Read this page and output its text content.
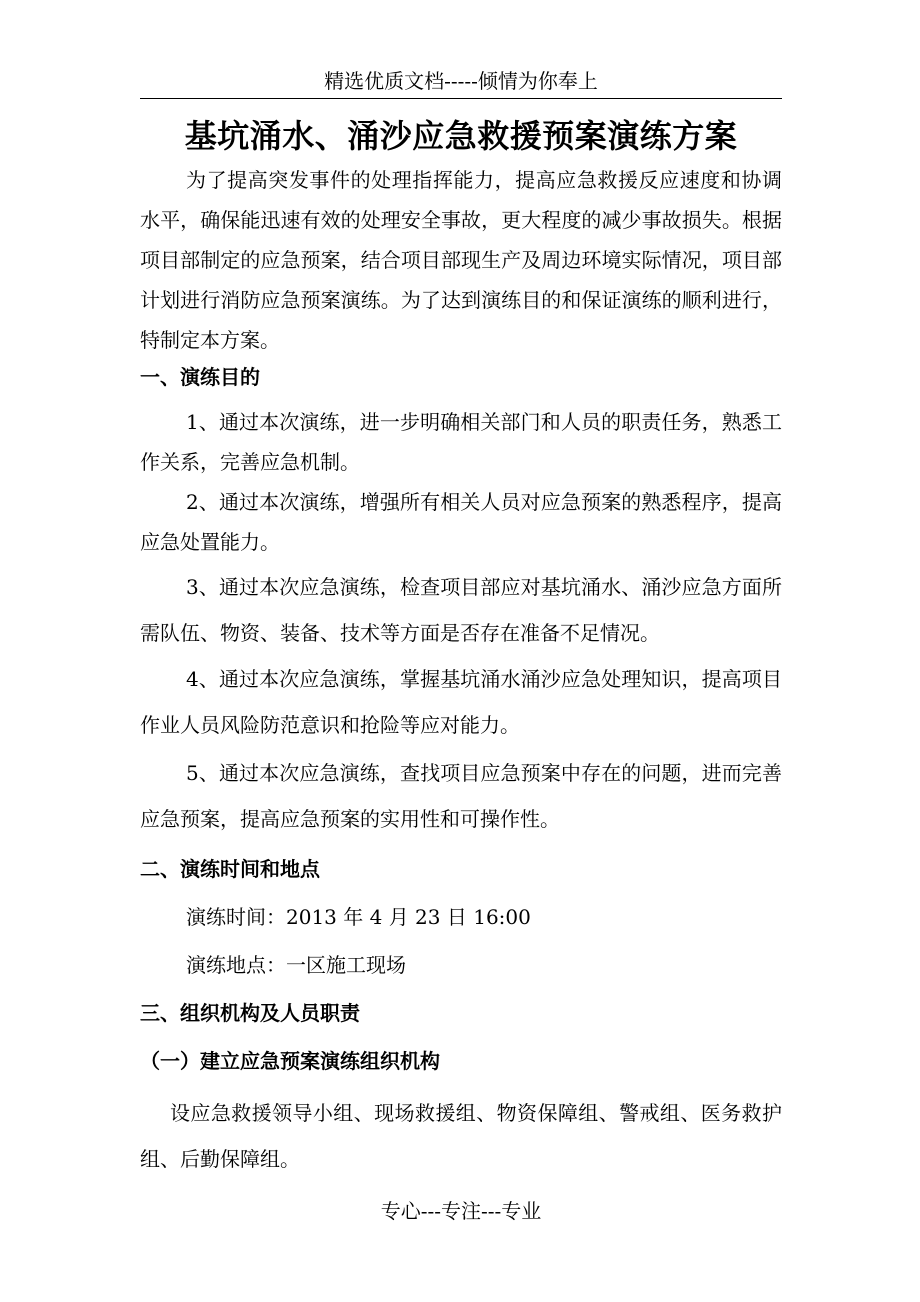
精选优质文档-----倾情为你奉上
基坑涌水、涌沙应急救援预案演练方案
为了提高突发事件的处理指挥能力，提高应急救援反应速度和协调水平，确保能迅速有效的处理安全事故，更大程度的减少事故损失。根据项目部制定的应急预案，结合项目部现生产及周边环境实际情况，项目部计划进行消防应急预案演练。为了达到演练目的和保证演练的顺利进行，特制定本方案。
一、演练目的
1、通过本次演练，进一步明确相关部门和人员的职责任务，熟悉工作关系，完善应急机制。
2、通过本次演练，增强所有相关人员对应急预案的熟悉程序，提高应急处置能力。
3、通过本次应急演练，检查项目部应对基坑涌水、涌沙应急方面所需队伍、物资、装备、技术等方面是否存在准备不足情况。
4、通过本次应急演练，掌握基坑涌水涌沙应急处理知识，提高项目作业人员风险防范意识和抢险等应对能力。
5、通过本次应急演练，查找项目应急预案中存在的问题，进而完善应急预案，提高应急预案的实用性和可操作性。
二、演练时间和地点
演练时间：2013 年 4 月 23 日 16:00
演练地点：一区施工现场
三、组织机构及人员职责
（一）建立应急预案演练组织机构
设应急救援领导小组、现场救援组、物资保障组、警戒组、医务救护组、后勤保障组。
专心---专注---专业
